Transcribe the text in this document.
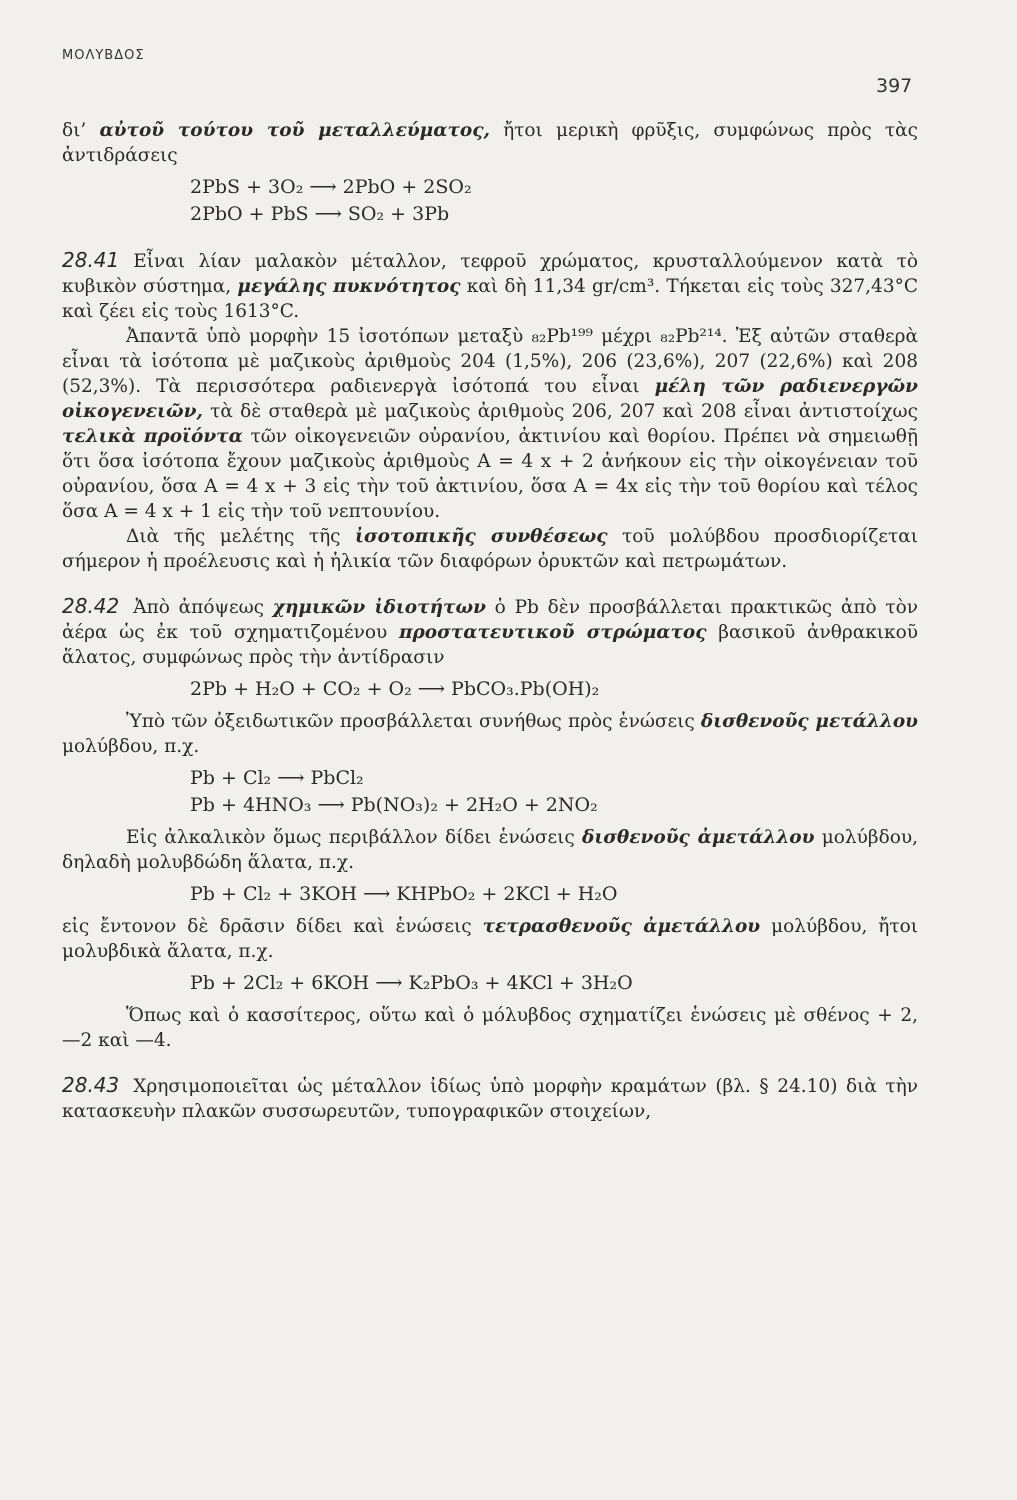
ΜΟΛΥΒΔΟΣ
397

δι’ αὐτοῦ τούτου τοῦ μεταλλεύματος, ἤτοι μερικὴ φρῦξις, συμφώνως πρὸς τὰς ἀντιδράσεις

2PbS + 3O₂ ⟶ 2PbO + 2SO₂
2PbO + PbS ⟶ SO₂ + 3Pb

28.41 Εἶναι λίαν μαλακὸν μέταλλον, τεφροῦ χρώματος, κρυσταλλούμενον κατὰ τὸ κυβικὸν σύστημα, μεγάλης πυκνότητος καὶ δὴ 11,34 gr/cm³. Τήκεται εἰς τοὺς 327,43°C καὶ ζέει εἰς τοὺς 1613°C.

Ἀπαντᾶ ὑπὸ μορφὴν 15 ἰσοτόπων μεταξὺ ₈₂Pb¹⁹⁹ μέχρι ₈₂Pb²¹⁴. Ἐξ αὐτῶν σταθερὰ εἶναι τὰ ἰσότοπα μὲ μαζικοὺς ἀριθμοὺς 204 (1,5%), 206 (23,6%), 207 (22,6%) καὶ 208 (52,3%). Τὰ περισσότερα ραδιενεργὰ ἰσότοπά του εἶναι μέλη τῶν ραδιενεργῶν οἰκογενειῶν, τὰ δὲ σταθερὰ μὲ μαζικοὺς ἀριθμοὺς 206, 207 καὶ 208 εἶναι ἀντιστοίχως τελικὰ προϊόντα τῶν οἰκογενειῶν οὐρανίου, ἀκτινίου καὶ θορίου. Πρέπει νὰ σημειωθῇ ὅτι ὅσα ἰσότοπα ἔχουν μαζικοὺς ἀριθμοὺς A = 4 x + 2 ἀνήκουν εἰς τὴν οἰκογένειαν τοῦ οὐρανίου, ὅσα A = 4 x + 3 εἰς τὴν τοῦ ἀκτινίου, ὅσα A = 4x εἰς τὴν τοῦ θορίου καὶ τέλος ὅσα A = 4 x + 1 εἰς τὴν τοῦ νεπτουνίου.

Διὰ τῆς μελέτης τῆς ἰσοτοπικῆς συνθέσεως τοῦ μολύβδου προσδιορίζεται σήμερον ἡ προέλευσις καὶ ἡ ἡλικία τῶν διαφόρων ὀρυκτῶν καὶ πετρωμάτων.

28.42 Ἀπὸ ἀπόψεως χημικῶν ἰδιοτήτων ὁ Pb δὲν προσβάλλεται πρακτικῶς ἀπὸ τὸν ἀέρα ὡς ἐκ τοῦ σχηματιζομένου προστατευτικοῦ στρώματος βασικοῦ ἀνθρακικοῦ ἅλατος, συμφώνως πρὸς τὴν ἀντίδρασιν

2Pb + H₂O + CO₂ + O₂ ⟶ PbCO₃.Pb(OH)₂

Ὑπὸ τῶν ὀξειδωτικῶν προσβάλλεται συνήθως πρὸς ἑνώσεις δισθενοῦς μετάλλου μολύβδου, π.χ.

Pb + Cl₂ ⟶ PbCl₂
Pb + 4HNO₃ ⟶ Pb(NO₃)₂ + 2H₂O + 2NO₂

Εἰς ἀλκαλικὸν ὅμως περιβάλλον δίδει ἑνώσεις δισθενοῦς ἀμετάλλου μολύβδου, δηλαδὴ μολυβδώδη ἅλατα, π.χ.

Pb + Cl₂ + 3KOH ⟶ KHPbO₂ + 2KCl + H₂O

εἰς ἔντονον δὲ δρᾶσιν δίδει καὶ ἑνώσεις τετρασθενοῦς ἀμετάλλου μολύβδου, ἤτοι μολυβδικὰ ἅλατα, π.χ.

Pb + 2Cl₂ + 6KOH ⟶ K₂PbO₃ + 4KCl + 3H₂O

Ὅπως καὶ ὁ κασσίτερος, οὕτω καὶ ὁ μόλυβδος σχηματίζει ἑνώσεις μὲ σθένος + 2, —2 καὶ —4.

28.43 Χρησιμοποιεῖται ὡς μέταλλον ἰδίως ὑπὸ μορφὴν κραμάτων (βλ. § 24.10) διὰ τὴν κατασκευὴν πλακῶν συσσωρευτῶν, τυπογραφικῶν στοιχείων,
